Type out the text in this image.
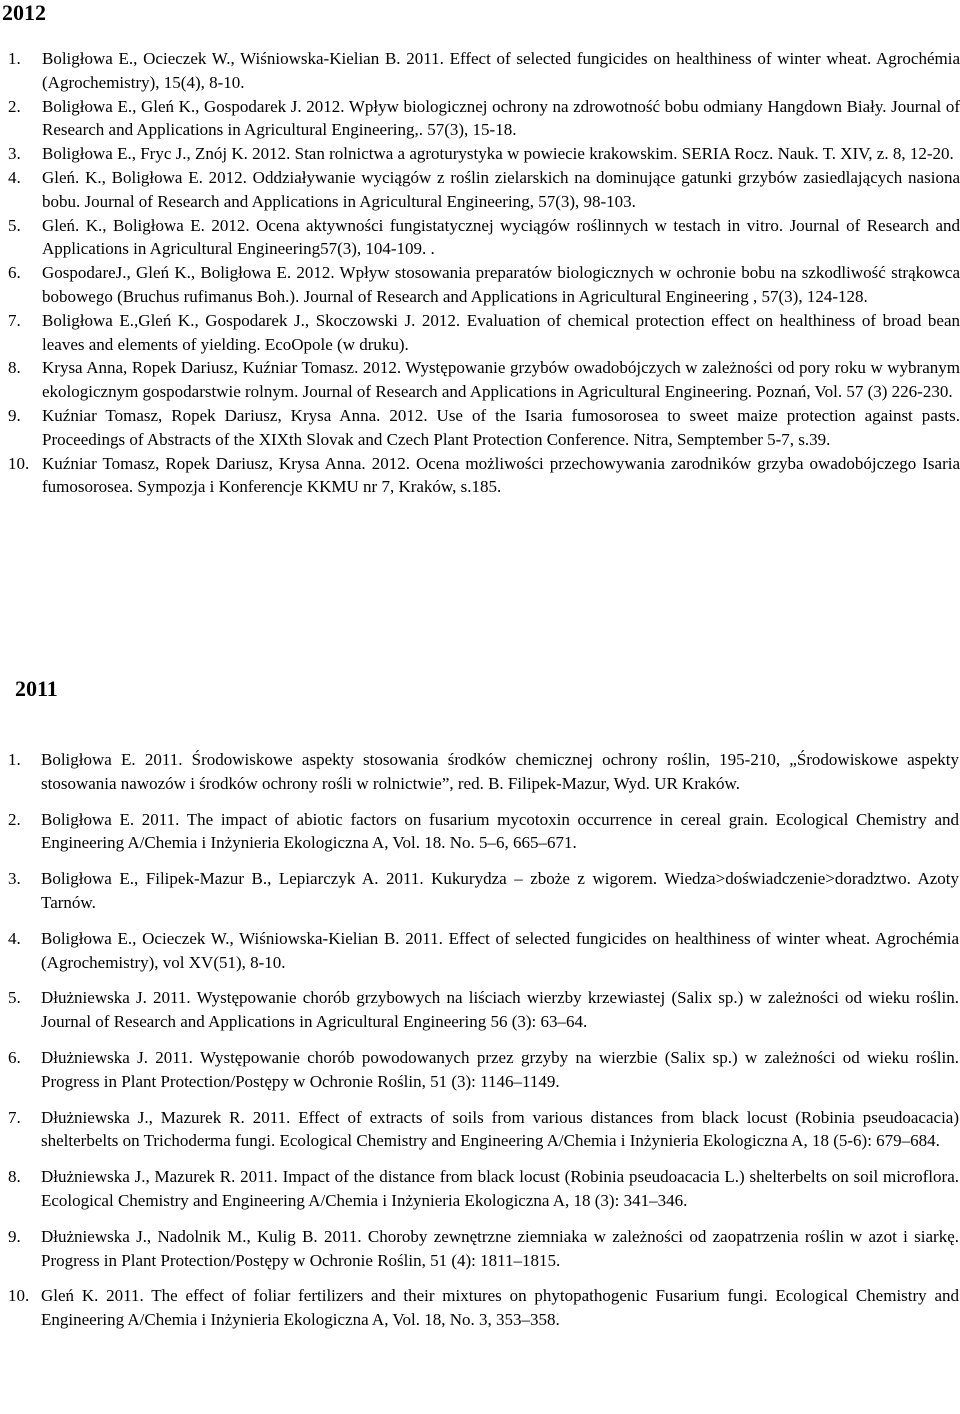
2012
1. Boligłowa E., Ocieczek W., Wiśniowska-Kielian B. 2011. Effect of selected fungicides on healthiness of winter wheat. Agrochémia (Agrochemistry), 15(4), 8-10.
2. Boligłowa E., Gleń K., Gospodarek J. 2012. Wpływ biologicznej ochrony na zdrowotność bobu odmiany Hangdown Biały. Journal of Research and Applications in Agricultural Engineering,. 57(3), 15-18.
3. Boligłowa E., Fryc J., Znój K. 2012. Stan rolnictwa a agroturystyka w powiecie krakowskim. SERIA Rocz. Nauk. T. XIV, z. 8, 12-20.
4. Gleń. K., Boligłowa E. 2012. Oddziaływanie wyciągów z roślin zielarskich na dominujące gatunki grzybów zasiedlających nasiona bobu. Journal of Research and Applications in Agricultural Engineering, 57(3), 98-103.
5. Gleń. K., Boligłowa E. 2012. Ocena aktywności fungistatycznej wyciągów roślinnych w testach in vitro. Journal of Research and Applications in Agricultural Engineering57(3), 104-109. .
6. GospodareJ., Gleń K., Boligłowa E. 2012. Wpływ stosowania preparatów biologicznych w ochronie bobu na szkodliwość strąkowca bobowego (Bruchus rufimanus Boh.). Journal of Research and Applications in Agricultural Engineering , 57(3), 124-128.
7. Boligłowa E.,Gleń K., Gospodarek J., Skoczowski J. 2012. Evaluation of chemical protection effect on healthiness of broad bean leaves and elements of yielding. EcoOpole (w druku).
8. Krysa Anna, Ropek Dariusz, Kuźniar Tomasz. 2012. Występowanie grzybów owadobójczych w zależności od pory roku w wybranym ekologicznym gospodarstwie rolnym. Journal of Research and Applications in Agricultural Engineering. Poznań, Vol. 57 (3) 226-230.
9. Kuźniar Tomasz, Ropek Dariusz, Krysa Anna. 2012. Use of the Isaria fumosorosea to sweet maize protection against pasts. Proceedings of Abstracts of the XIXth Slovak and Czech Plant Protection Conference. Nitra, Semptember 5-7, s.39.
10. Kuźniar Tomasz, Ropek Dariusz, Krysa Anna. 2012. Ocena możliwości przechowywania zarodników grzyba owadobójczego Isaria fumosorosea. Sympozja i Konferencje KKMU nr 7, Kraków, s.185.
2011
1. Boligłowa E. 2011. Środowiskowe aspekty stosowania środków chemicznej ochrony roślin, 195-210, „Środowiskowe aspekty stosowania nawozów i środków ochrony rośli w rolnictwie”, red. B. Filipek-Mazur, Wyd. UR Kraków.
2. Boligłowa E. 2011. The impact of abiotic factors on fusarium mycotoxin occurrence in cereal grain. Ecological Chemistry and Engineering A/Chemia i Inżynieria Ekologiczna A, Vol. 18. No. 5–6, 665–671.
3. Boligłowa E., Filipek-Mazur B., Lepiarczyk A. 2011. Kukurydza – zboże z wigorem. Wiedza>doświadczenie>doradztwo. Azoty Tarnów.
4. Boligłowa E., Ocieczek W., Wiśniowska-Kielian B. 2011. Effect of selected fungicides on healthiness of winter wheat. Agrochémia (Agrochemistry), vol XV(51), 8-10.
5. Dłużniewska J. 2011. Występowanie chorób grzybowych na liściach wierzby krzewiastej (Salix sp.) w zależności od wieku roślin. Journal of Research and Applications in Agricultural Engineering 56 (3): 63–64.
6. Dłużniewska J. 2011. Występowanie chorób powodowanych przez grzyby na wierzbie (Salix sp.) w zależności od wieku roślin. Progress in Plant Protection/Postępy w Ochronie Roślin, 51 (3): 1146–1149.
7. Dłużniewska J., Mazurek R. 2011. Effect of extracts of soils from various distances from black locust (Robinia pseudoacacia) shelterbelts on Trichoderma fungi. Ecological Chemistry and Engineering A/Chemia i Inżynieria Ekologiczna A, 18 (5-6): 679–684.
8. Dłużniewska J., Mazurek R. 2011. Impact of the distance from black locust (Robinia pseudoacacia L.) shelterbelts on soil microflora. Ecological Chemistry and Engineering A/Chemia i Inżynieria Ekologiczna A, 18 (3): 341–346.
9. Dłużniewska J., Nadolnik M., Kulig B. 2011. Choroby zewnętrzne ziemniaka w zależności od zaopatrzenia roślin w azot i siarkę. Progress in Plant Protection/Postępy w Ochronie Roślin, 51 (4): 1811–1815.
10. Gleń K. 2011. The effect of foliar fertilizers and their mixtures on phytopathogenic Fusarium fungi. Ecological Chemistry and Engineering A/Chemia i Inżynieria Ekologiczna A, Vol. 18, No. 3, 353–358.
